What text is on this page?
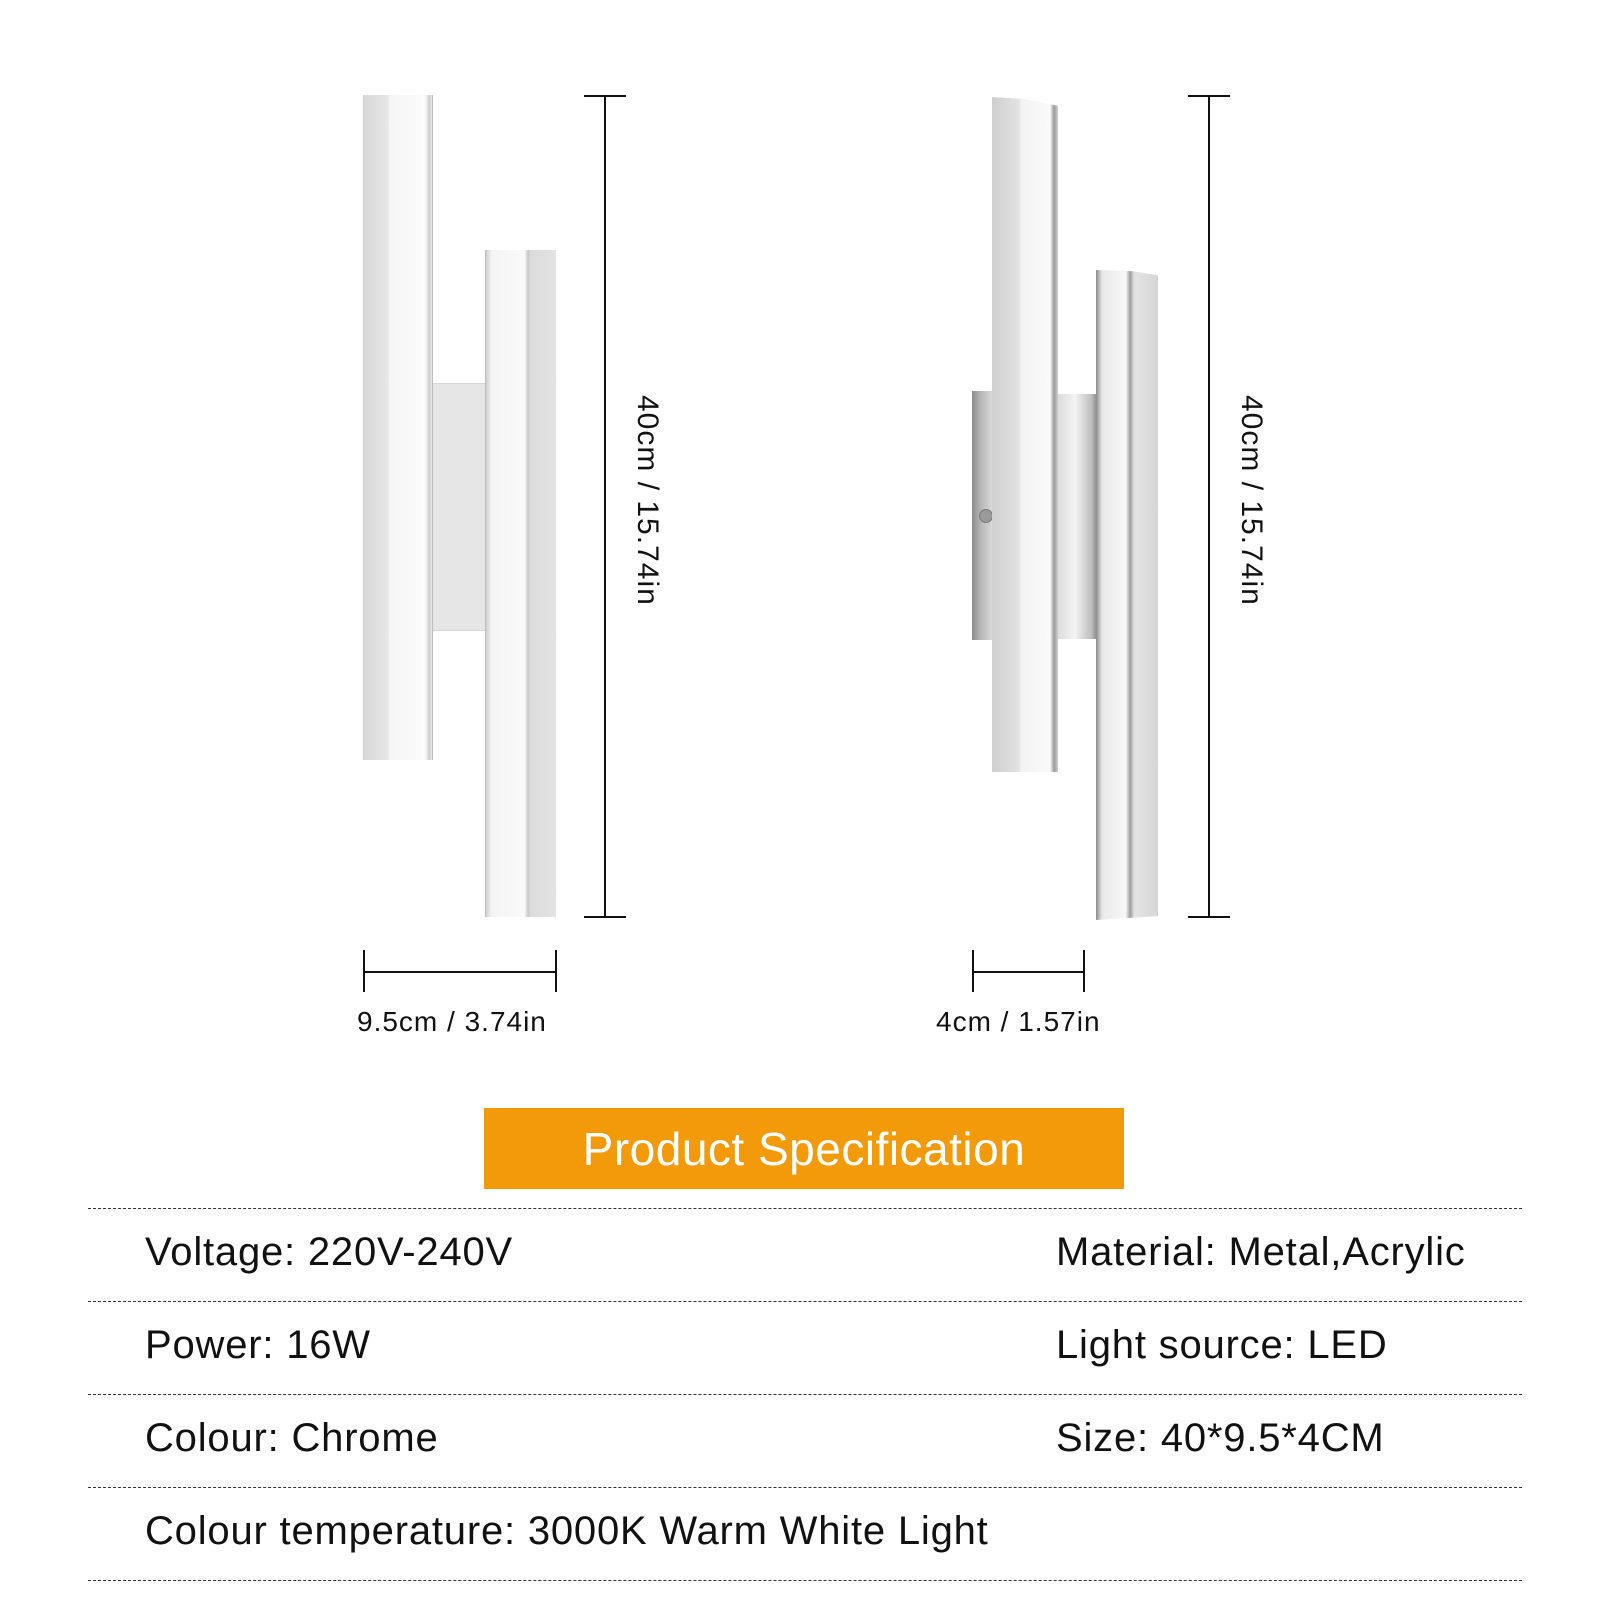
40cm / 15.74in
9.5cm / 3.74in
40cm / 15.74in
4cm / 1.57in
Product Specification
Voltage: 220V-240V	Material: Metal,Acrylic
Power: 16W	Light source: LED
Colour: Chrome	Size: 40*9.5*4CM
Colour temperature: 3000K Warm White Light
